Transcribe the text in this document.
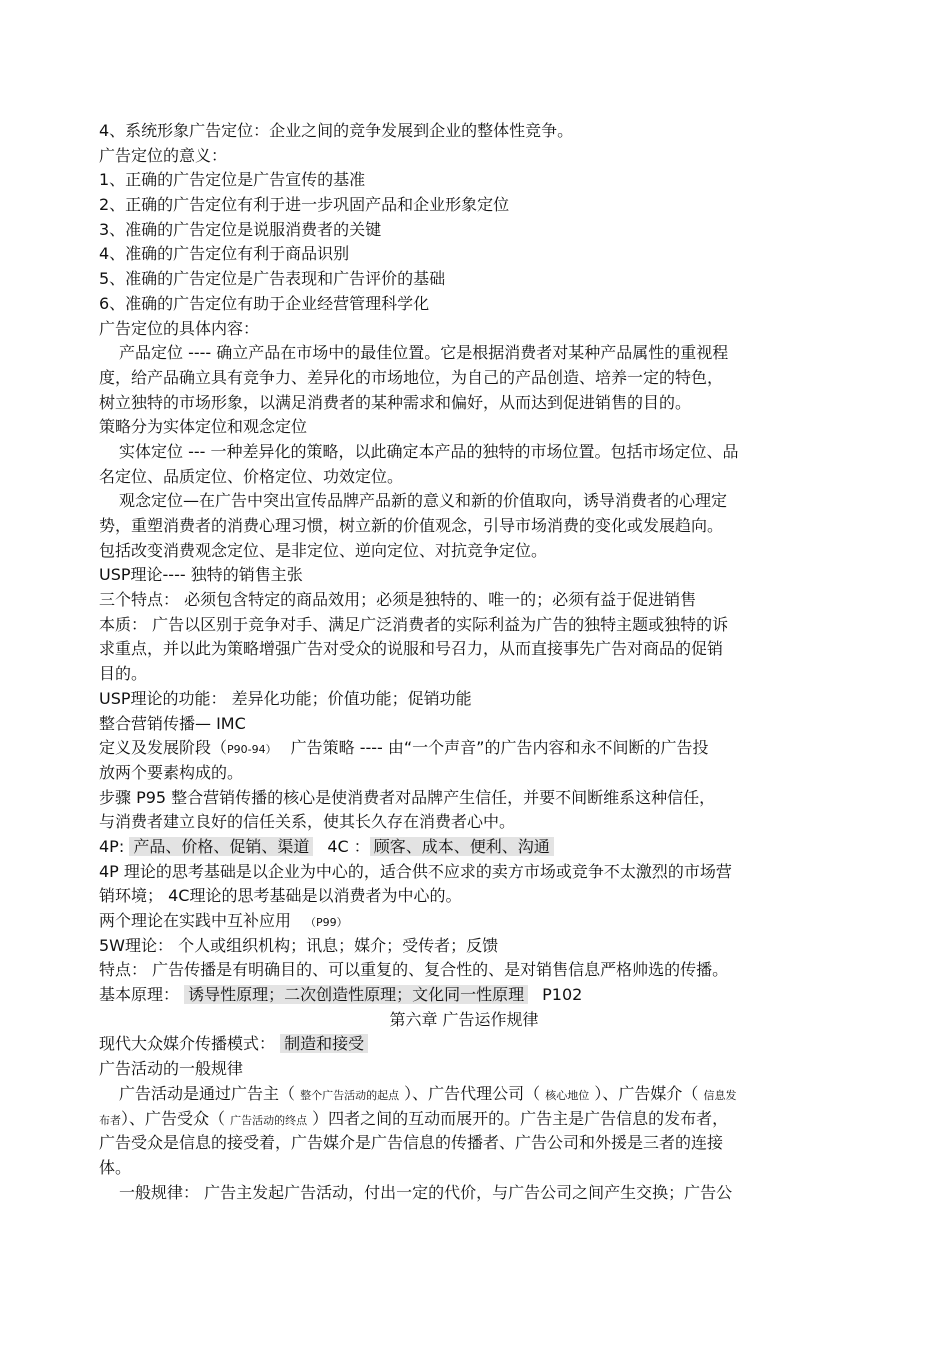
4、系统形象广告定位：企业之间的竞争发展到企业的整体性竞争。
广告定位的意义：
1、正确的广告定位是广告宣传的基准
2、正确的广告定位有利于进一步巩固产品和企业形象定位
3、准确的广告定位是说服消费者的关键
4、准确的广告定位有利于商品识别
5、准确的广告定位是广告表现和广告评价的基础
6、准确的广告定位有助于企业经营管理科学化
广告定位的具体内容：
产品定位 ---- 确立产品在市场中的最佳位置。它是根据消费者对某种产品属性的重视程
度，给产品确立具有竞争力、差异化的市场地位，为自己的产品创造、培养一定的特色，
树立独特的市场形象，以满足消费者的某种需求和偏好，从而达到促进销售的目的。
策略分为实体定位和观念定位
实体定位 --- 一种差异化的策略，以此确定本产品的独特的市场位置。包括市场定位、品
名定位、品质定位、价格定位、功效定位。
观念定位—在广告中突出宣传品牌产品新的意义和新的价值取向，诱导消费者的心理定
势，重塑消费者的消费心理习惯，树立新的价值观念，引导市场消费的变化或发展趋向。
包括改变消费观念定位、是非定位、逆向定位、对抗竞争定位。
USP理论---- 独特的销售主张
三个特点： 必须包含特定的商品效用；必须是独特的、唯一的；必须有益于促进销售
本质： 广告以区别于竞争对手、满足广泛消费者的实际利益为广告的独特主题或独特的诉
求重点，并以此为策略增强广告对受众的说服和号召力，从而直接事先广告对商品的促销
目的。
USP理论的功能： 差异化功能；价值功能；促销功能
整合营销传播— IMC
定义及发展阶段（P90-94） 广告策略 ---- 由“一个声音”的广告内容和永不间断的广告投
放两个要素构成的。
步骤 P95 整合营销传播的核心是使消费者对品牌产生信任，并要不间断维系这种信任，
与消费者建立良好的信任关系，使其长久存在消费者心中。
4P: 产品、价格、促销、渠道 4C ： 顾客、成本、便利、沟通
4P 理论的思考基础是以企业为中心的，适合供不应求的卖方市场或竞争不太激烈的市场营
销环境； 4C理论的思考基础是以消费者为中心的。
两个理论在实践中互补应用 （P99）
5W理论： 个人或组织机构；讯息；媒介；受传者；反馈
特点： 广告传播是有明确目的、可以重复的、复合性的、是对销售信息严格帅选的传播。
基本原理： 诱导性原理；二次创造性原理；文化同一性原理 P102
第六章 广告运作规律
现代大众媒介传播模式： 制造和接受
广告活动的一般规律
广告活动是通过广告主（ 整个广告活动的起点 ）、广告代理公司（ 核心地位 ）、广告媒介（ 信息发
布者）、广告受众（ 广告活动的终点 ）四者之间的互动而展开的。广告主是广告信息的发布者，
广告受众是信息的接受着，广告媒介是广告信息的传播者、广告公司和外援是三者的连接
体。
一般规律： 广告主发起广告活动，付出一定的代价，与广告公司之间产生交换；广告公
